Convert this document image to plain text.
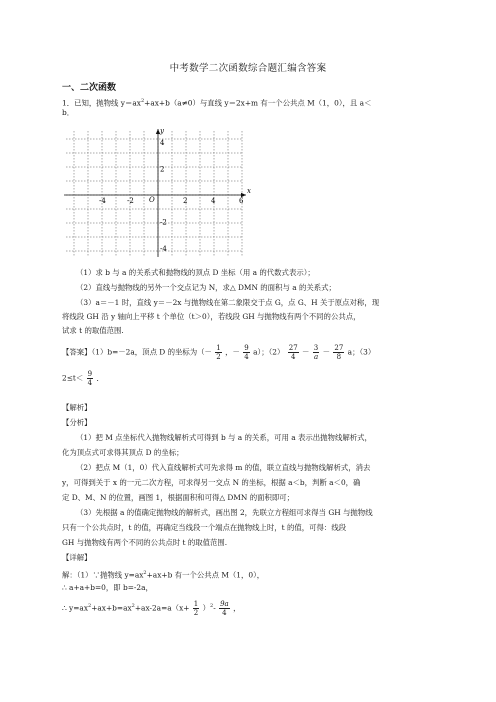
中考数学二次函数综合题汇编含答案
一、二次函数
1．已知，抛物线 $y=ax^2+ax+b(a\ne 0)$与直线 y＝2x+m 有一个公共点 M（1，0），且 a＜
b．
x
y
O
-4	-2	2	4	6
4
2
-2
-4
（1）求 b 与 a 的关系式和抛物线的顶点 D 坐标（用 a 的代数式表示）；
（2）直线与抛物线的另外一个交点记为 N，求△ DMN 的面积与 a 的关系式；
（3）a＝－1 时，直线 y＝－2x 与抛物线在第二象限交于点 G，点 G、H 关于原点对称，现
将线段 GH 沿 y 轴向上平移 t 个单位（t＞0），若线段 GH 与抛物线有两个不同的公共点，
试求 t 的取值范围.
【答案】（1）b=－2a，顶点 D 的坐标为（－ $\frac{1}{2}$ ，－ $\frac{9}{4} a$）；$(2) \frac{27}{4} - \frac{3}{a} - \frac{27}{8}$ a；（3）
$2\le t< \frac{9}{4}$ ．
【解析】
【分析】
（1）把 M 点坐标代入抛物线解析式可得到 b 与 a 的关系，可用 a 表示出抛物线解析式，
化为顶点式可求得其顶点 D 的坐标；
（2）把点 M（1，0）代入直线解析式可先求得 m 的值，联立直线与抛物线解析式，消去
y，可得到关于 x 的一元二次方程，可求得另一交点 N 的坐标，根据 a＜b，判断 a＜0，确
定 D、M、N 的位置，画图 1，根据面积和可得△ DMN 的面积即可；
（3）先根据 a 的值确定抛物线的解析式，画出图 2，先联立方程组可求得当 GH 与抛物线
只有一个公共点时，t 的值，再确定当线段一个端点在抛物线上时，t 的值，可得：线段
GH 与抛物线有两个不同的公共点时 t 的取值范围.
【详解】
解：（1）∵抛物线 $y=ax^2+ax+b$ 有一个公共点 M（1，0），
∴ a+a+b=0，即 b=-2a，
∴ $y=ax^2+ax+b=ax^2+ax-2a=a(x+ \frac{1}{2} )^2- \frac{9a}{4}$ ，
